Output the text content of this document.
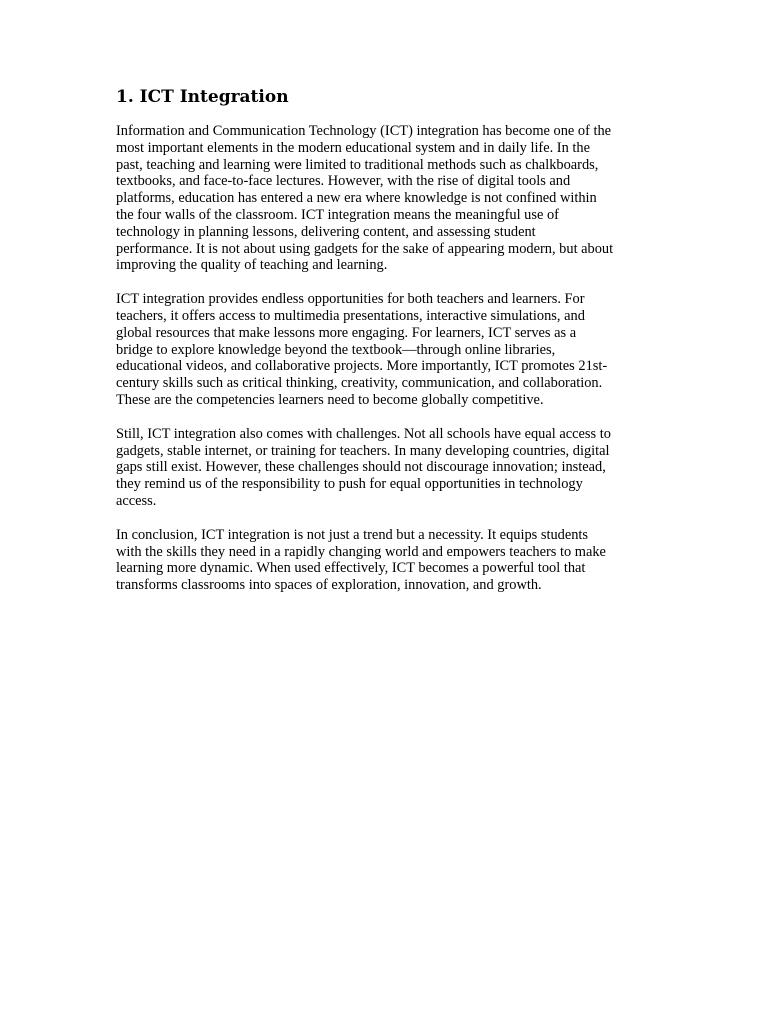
1. ICT Integration

Information and Communication Technology (ICT) integration has become one of the
most important elements in the modern educational system and in daily life. In the
past, teaching and learning were limited to traditional methods such as chalkboards,
textbooks, and face-to-face lectures. However, with the rise of digital tools and
platforms, education has entered a new era where knowledge is not confined within
the four walls of the classroom. ICT integration means the meaningful use of
technology in planning lessons, delivering content, and assessing student
performance. It is not about using gadgets for the sake of appearing modern, but about
improving the quality of teaching and learning.

ICT integration provides endless opportunities for both teachers and learners. For
teachers, it offers access to multimedia presentations, interactive simulations, and
global resources that make lessons more engaging. For learners, ICT serves as a
bridge to explore knowledge beyond the textbook—through online libraries,
educational videos, and collaborative projects. More importantly, ICT promotes 21st-
century skills such as critical thinking, creativity, communication, and collaboration.
These are the competencies learners need to become globally competitive.

Still, ICT integration also comes with challenges. Not all schools have equal access to
gadgets, stable internet, or training for teachers. In many developing countries, digital
gaps still exist. However, these challenges should not discourage innovation; instead,
they remind us of the responsibility to push for equal opportunities in technology
access.

In conclusion, ICT integration is not just a trend but a necessity. It equips students
with the skills they need in a rapidly changing world and empowers teachers to make
learning more dynamic. When used effectively, ICT becomes a powerful tool that
transforms classrooms into spaces of exploration, innovation, and growth.
